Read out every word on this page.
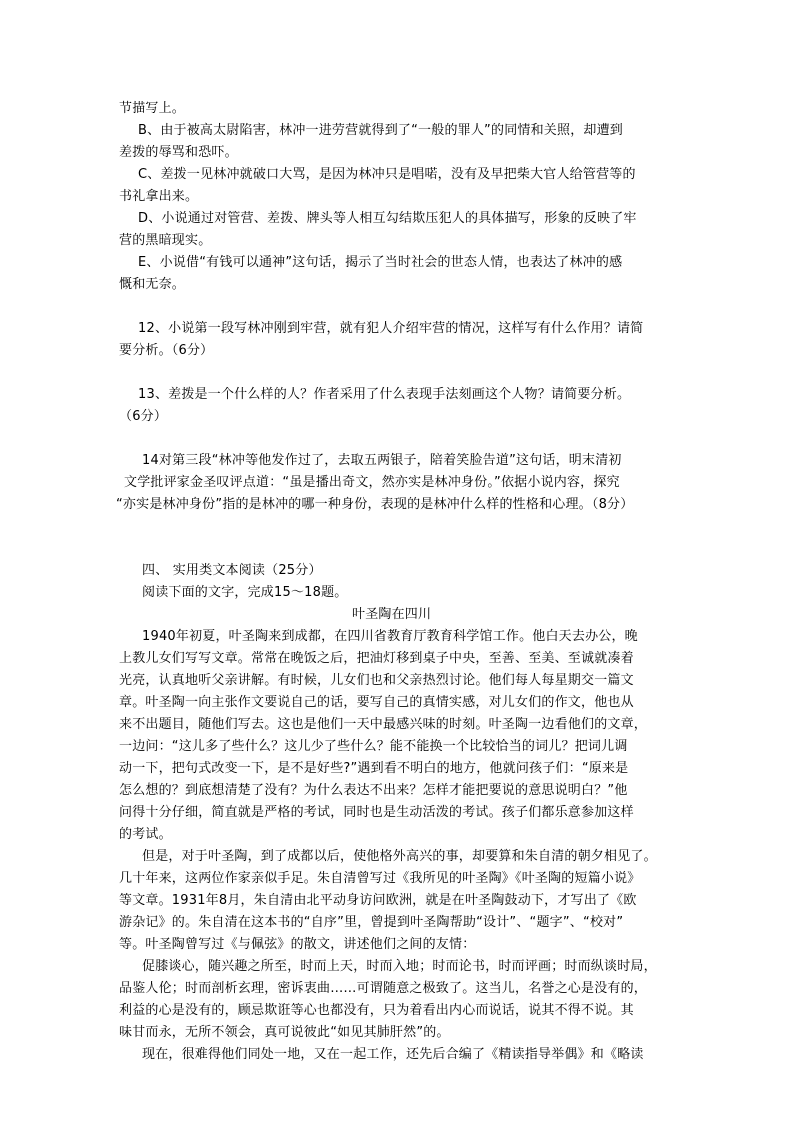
节描写上。
B、由于被高太尉陷害，林冲一进劳营就得到了“一般的罪人”的同情和关照，却遭到
差拨的辱骂和恐吓。
C、差拨一见林冲就破口大骂，是因为林冲只是唱喏，没有及早把柴大官人给管营等的
书礼拿出来。
D、小说通过对管营、差拨、牌头等人相互勾结欺压犯人的具体描写，形象的反映了牢
营的黑暗现实。
E、小说借“有钱可以通神”这句话，揭示了当时社会的世态人情，也表达了林冲的感
慨和无奈。
12、小说第一段写林冲刚到牢营，就有犯人介绍牢营的情况，这样写有什么作用？请简
要分析。（6分）
13、差拨是一个什么样的人？作者采用了什么表现手法刻画这个人物？请简要分析。
（6分）
14对第三段“林冲等他发作过了，去取五两银子，陪着笑脸告道”这句话，明末清初
文学批评家金圣叹评点道：“虽是播出奇文，然亦实是林冲身份。”依据小说内容，探究
“亦实是林冲身份”指的是林冲的哪一种身份，表现的是林冲什么样的性格和心理。（8分）
四、 实用类文本阅读（25分）
阅读下面的文字，完成15～18题。
叶圣陶在四川
1940年初夏，叶圣陶来到成都，在四川省教育厅教育科学馆工作。他白天去办公，晚
上教儿女们写写文章。常常在晚饭之后，把油灯移到桌子中央，至善、至美、至诚就凑着
光亮，认真地听父亲讲解。有时候，儿女们也和父亲热烈讨论。他们每人每星期交一篇文
章。叶圣陶一向主张作文要说自己的话，要写自己的真情实感，对儿女们的作文，他也从
来不出题目，随他们写去。这也是他们一天中最感兴味的时刻。叶圣陶一边看他们的文章，
一边问：“这儿多了些什么？这儿少了些什么？能不能换一个比较恰当的词儿？把词儿调
动一下，把句式改变一下，是不是好些?”遇到看不明白的地方，他就问孩子们：“原来是
怎么想的？到底想清楚了没有？为什么表达不出来？怎样才能把要说的意思说明白？”他
问得十分仔细，简直就是严格的考试，同时也是生动活泼的考试。孩子们都乐意参加这样
的考试。
但是，对于叶圣陶，到了成都以后，使他格外高兴的事，却要算和朱自清的朝夕相见了。
几十年来，这两位作家亲似手足。朱自清曾写过《我所见的叶圣陶》《叶圣陶的短篇小说》
等文章。1931年8月，朱自清由北平动身访问欧洲，就是在叶圣陶鼓动下，才写出了《欧
游杂记》的。朱自清在这本书的“自序”里，曾提到叶圣陶帮助“设计”、“题字”、“校对”
等。叶圣陶曾写过《与佩弦》的散文，讲述他们之间的友情：
促膝谈心，随兴趣之所至，时而上天，时而入地；时而论书，时而评画；时而纵谈时局，
品鉴人伦；时而剖析玄理，密诉衷曲……可谓随意之极致了。这当儿，名誉之心是没有的，
利益的心是没有的，顾忌欺诳等心也都没有，只为着看出内心而说话，说其不得不说。其
味甘而永，无所不领会，真可说彼此“如见其肺肝然”的。
现在，很难得他们同处一地，又在一起工作，还先后合编了《精读指导举偶》和《略读
